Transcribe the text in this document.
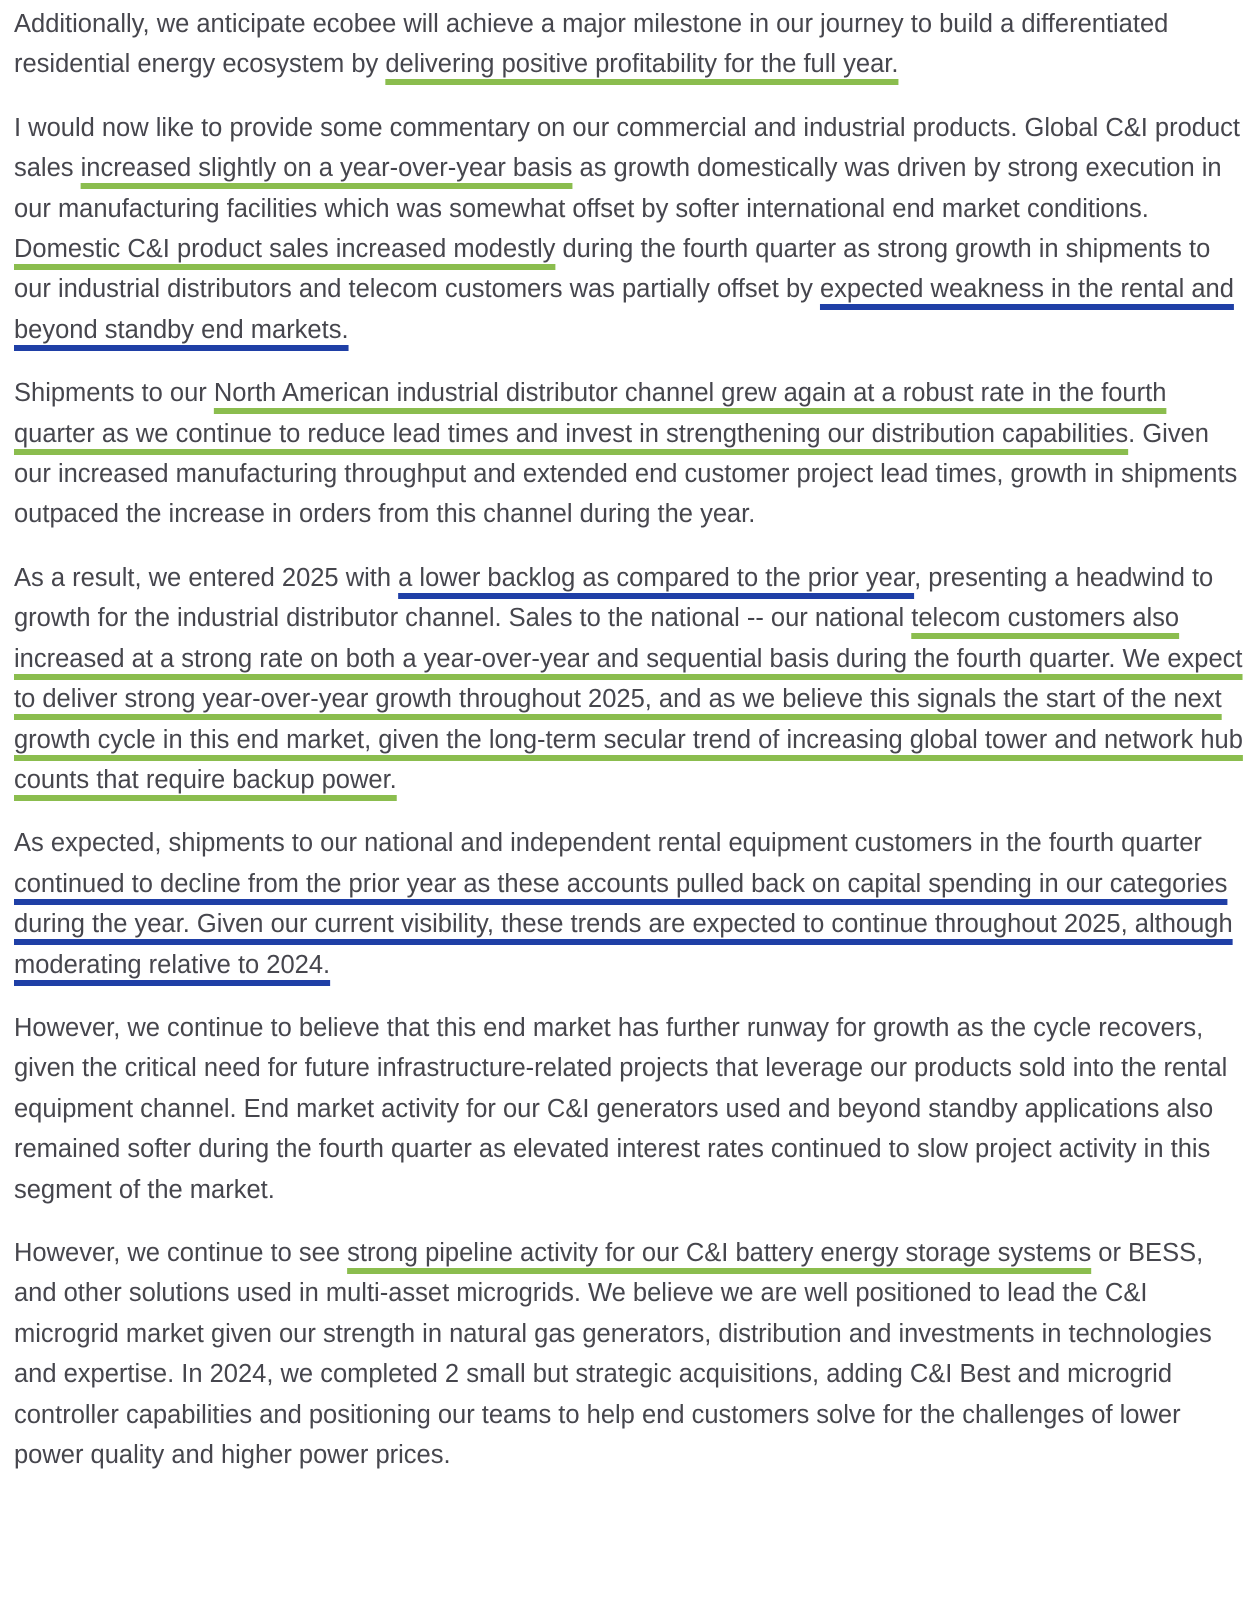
Additionally, we anticipate ecobee will achieve a major milestone in our journey to build a differentiated residential energy ecosystem by delivering positive profitability for the full year.

I would now like to provide some commentary on our commercial and industrial products. Global C&I product sales increased slightly on a year-over-year basis as growth domestically was driven by strong execution in our manufacturing facilities which was somewhat offset by softer international end market conditions. Domestic C&I product sales increased modestly during the fourth quarter as strong growth in shipments to our industrial distributors and telecom customers was partially offset by expected weakness in the rental and beyond standby end markets.

Shipments to our North American industrial distributor channel grew again at a robust rate in the fourth quarter as we continue to reduce lead times and invest in strengthening our distribution capabilities. Given our increased manufacturing throughput and extended end customer project lead times, growth in shipments outpaced the increase in orders from this channel during the year.

As a result, we entered 2025 with a lower backlog as compared to the prior year, presenting a headwind to growth for the industrial distributor channel. Sales to the national -- our national telecom customers also increased at a strong rate on both a year-over-year and sequential basis during the fourth quarter. We expect to deliver strong year-over-year growth throughout 2025, and as we believe this signals the start of the next growth cycle in this end market, given the long-term secular trend of increasing global tower and network hub counts that require backup power.

As expected, shipments to our national and independent rental equipment customers in the fourth quarter continued to decline from the prior year as these accounts pulled back on capital spending in our categories during the year. Given our current visibility, these trends are expected to continue throughout 2025, although moderating relative to 2024.

However, we continue to believe that this end market has further runway for growth as the cycle recovers, given the critical need for future infrastructure-related projects that leverage our products sold into the rental equipment channel. End market activity for our C&I generators used and beyond standby applications also remained softer during the fourth quarter as elevated interest rates continued to slow project activity in this segment of the market.

However, we continue to see strong pipeline activity for our C&I battery energy storage systems or BESS, and other solutions used in multi-asset microgrids. We believe we are well positioned to lead the C&I microgrid market given our strength in natural gas generators, distribution and investments in technologies and expertise. In 2024, we completed 2 small but strategic acquisitions, adding C&I Best and microgrid controller capabilities and positioning our teams to help end customers solve for the challenges of lower power quality and higher power prices.
